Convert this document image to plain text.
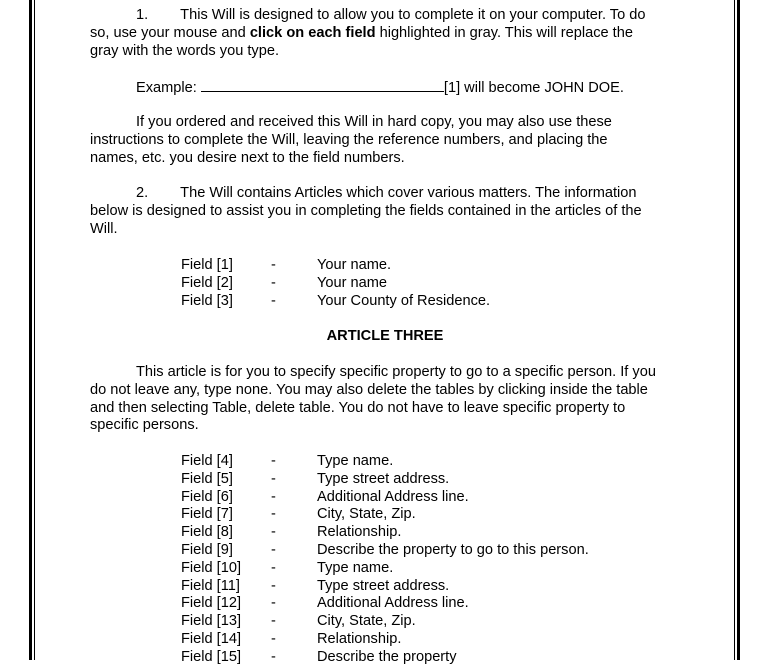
1. This Will is designed to allow you to complete it on your computer. To do
so, use your mouse and click on each field highlighted in gray. This will replace the
gray with the words you type.
Example:	[1] will become JOHN DOE.
If you ordered and received this Will in hard copy, you may also use these
instructions to complete the Will, leaving the reference numbers, and placing the
names, etc. you desire next to the field numbers.
2. The Will contains Articles which cover various matters. The information
below is designed to assist you in completing the fields contained in the articles of the
Will.
Field [1]	-	Your name.
Field [2]	-	Your name
Field [3]	-	Your County of Residence.
ARTICLE THREE
This article is for you to specify specific property to go to a specific person. If you
do not leave any, type none. You may also delete the tables by clicking inside the table
and then selecting Table, delete table. You do not have to leave specific property to
specific persons.
Field [4]	-	Type name.
Field [5]	-	Type street address.
Field [6]	-	Additional Address line.
Field [7]	-	City, State, Zip.
Field [8]	-	Relationship.
Field [9]	-	Describe the property to go to this person.
Field [10]	-	Type name.
Field [11]	-	Type street address.
Field [12]	-	Additional Address line.
Field [13]	-	City, State, Zip.
Field [14]	-	Relationship.
Field [15]	-	Describe the property
